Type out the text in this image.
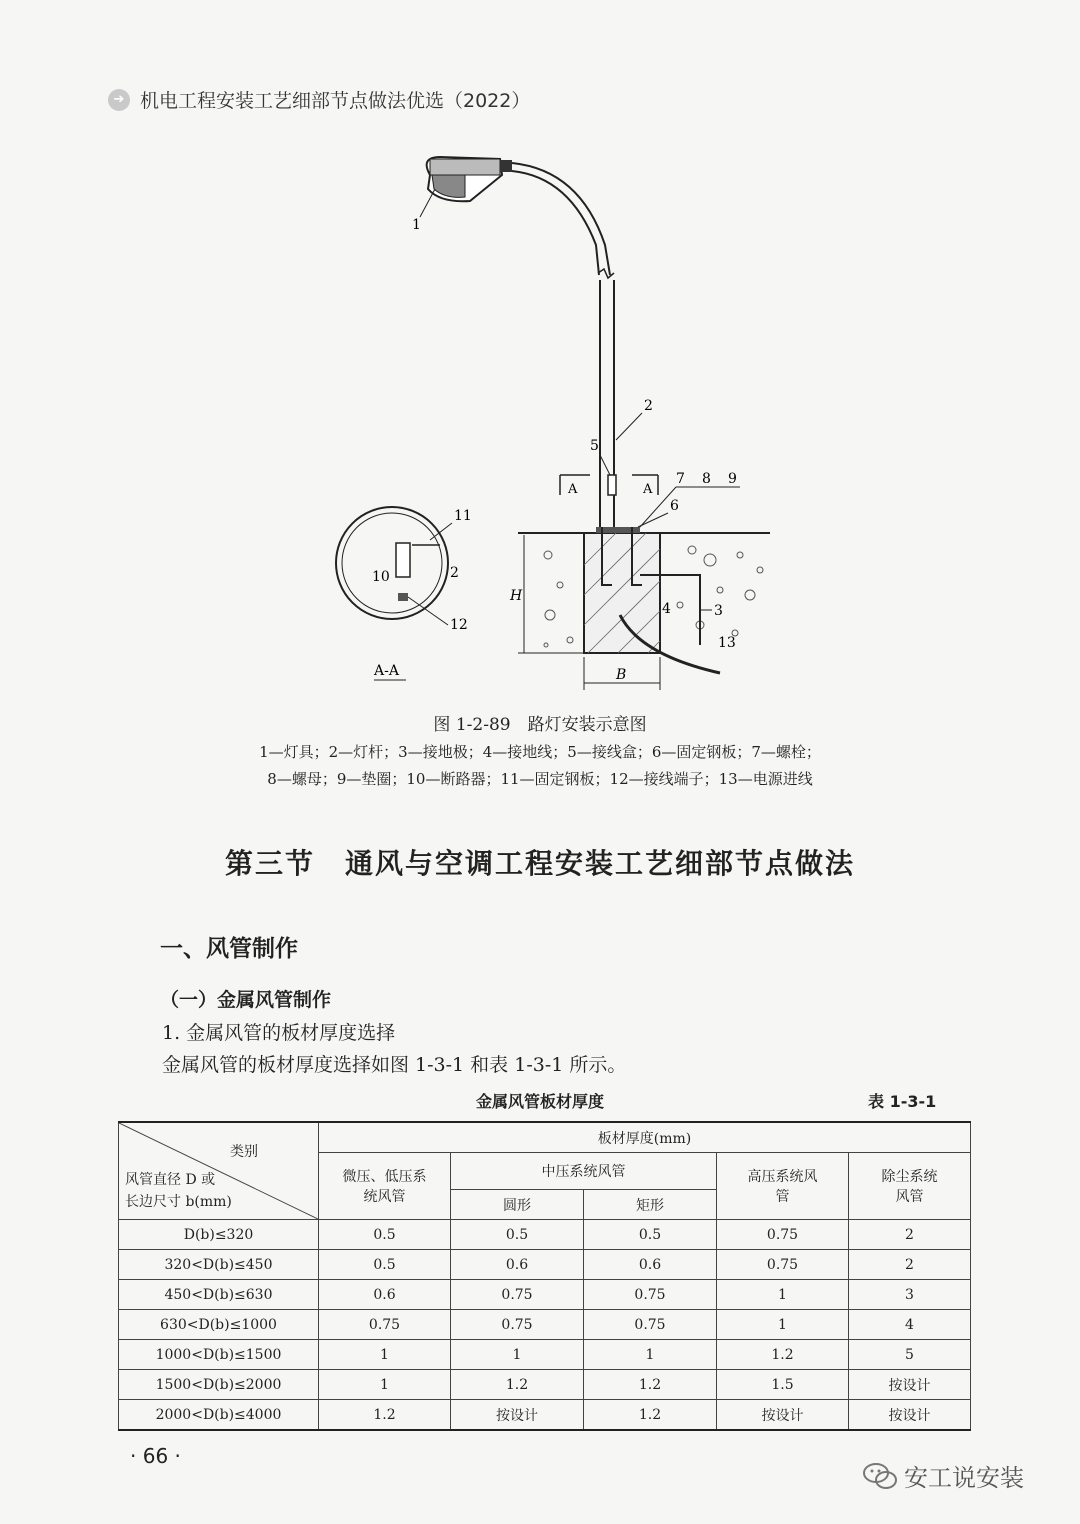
➔ 机电工程安装工艺细部节点做法优选（2022）
A	A
1
2
3
4
5
6
7 8 9
13
H
B
11
2
10
12
A-A
图 1-2-89　路灯安装示意图
1—灯具；2—灯杆；3—接地极；4—接地线；5—接线盒；6—固定钢板；7—螺栓；
8—螺母；9—垫圈；10—断路器；11—固定钢板；12—接线端子；13—电源进线
第三节　通风与空调工程安装工艺细部节点做法
一、风管制作
（一）金属风管制作
1. 金属风管的板材厚度选择
金属风管的板材厚度选择如图 1-3-1 和表 1-3-1 所示。
金属风管板材厚度	表 1-3-1
类别
风管直径 D 或
长边尺寸 b(mm)	板材厚度(mm)				
	微压、低压系统风管	中压系统风管		高压系统风管	除尘系统风管
		圆形	矩形		
D(b)≤320	0.5	0.5	0.5	0.75	2
320<D(b)≤450	0.5	0.6	0.6	0.75	2
450<D(b)≤630	0.6	0.75	0.75	1	3
630<D(b)≤1000	0.75	0.75	0.75	1	4
1000<D(b)≤1500	1	1	1	1.2	5
1500<D(b)≤2000	1	1.2	1.2	1.5	按设计
2000<D(b)≤4000	1.2	按设计	1.2	按设计	按设计
· 66 ·
安工说安装
